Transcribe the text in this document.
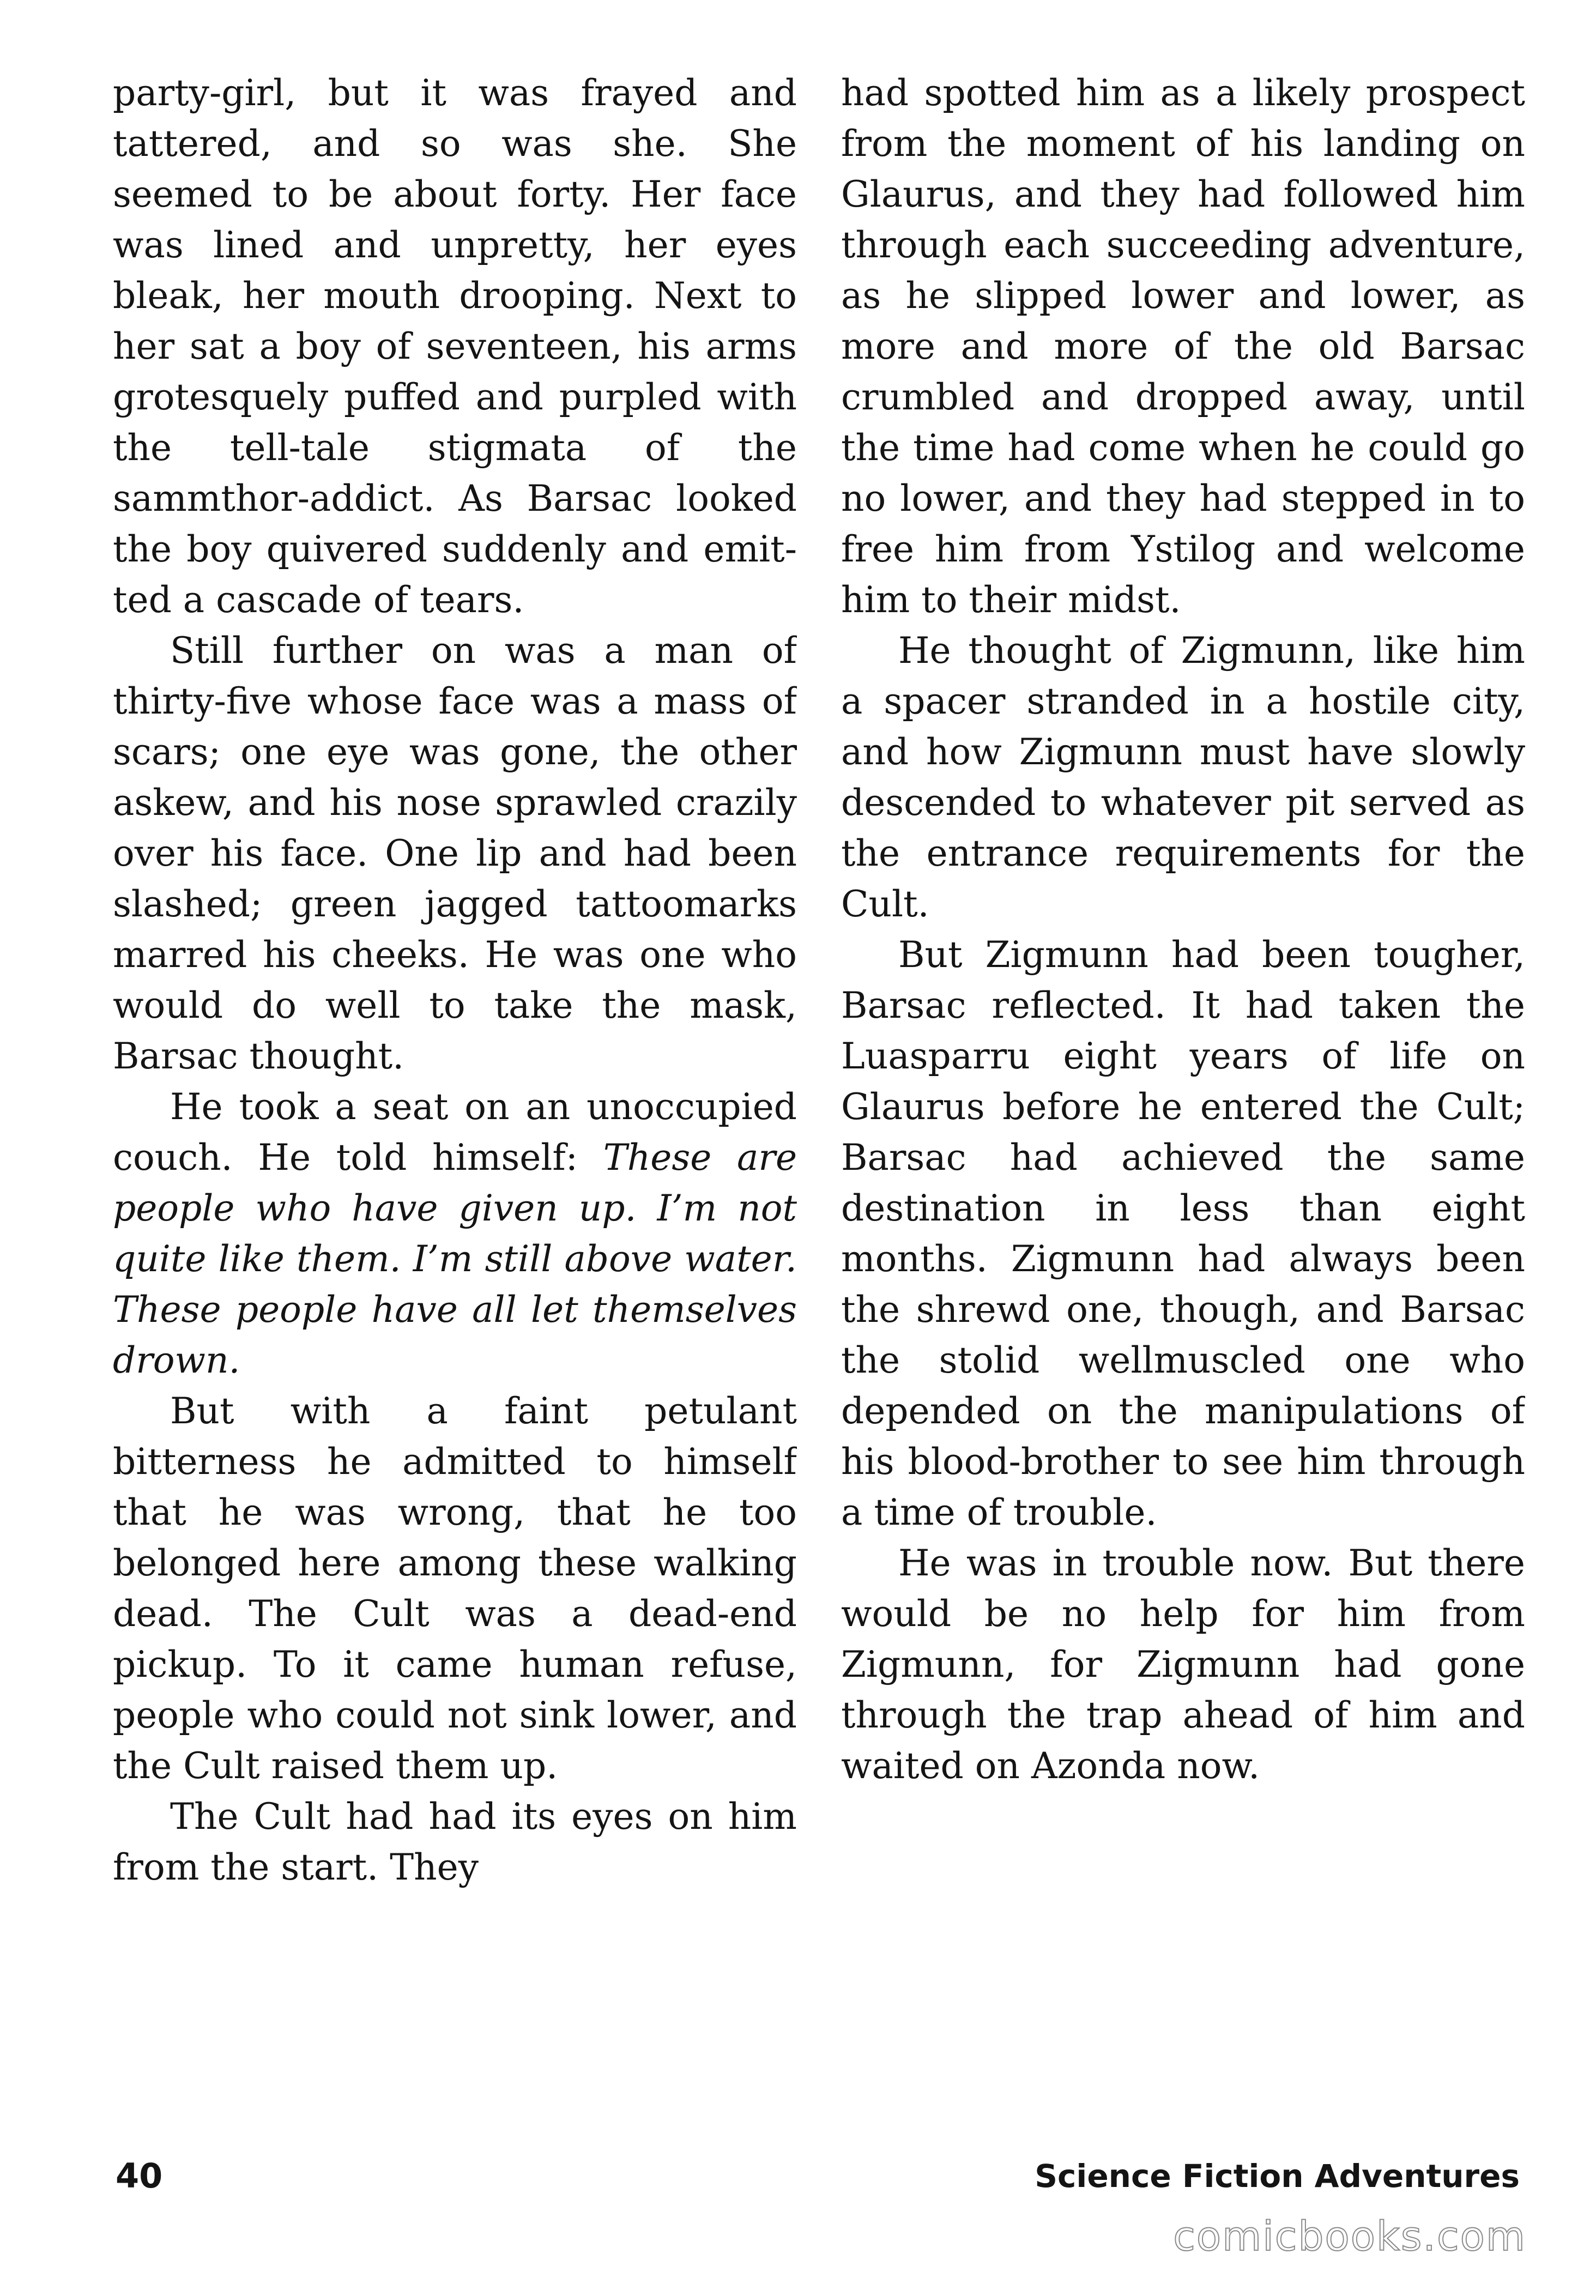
party-girl, but it was frayed and tattered, and so was she. She seemed to be about forty. Her face was lined and unpretty, her eyes bleak, her mouth drooping. Next to her sat a boy of seventeen, his arms grotesquely puffed and purpled with the tell-tale stigmata of the sammthor-addict. As Barsac looked the boy quivered suddenly and emitted a cascade of tears.

Still further on was a man of thirty-five whose face was a mass of scars; one eye was gone, the other askew, and his nose sprawled crazily over his face. One lip and had been slashed; green jagged tattoomarks marred his cheeks. He was one who would do well to take the mask, Barsac thought.

He took a seat on an unoccupied couch. He told himself: These are people who have given up. I’m not quite like them. I’m still above water. These people have all let themselves drown.

But with a faint petulant bitterness he admitted to himself that he was wrong, that he too belonged here among these walking dead. The Cult was a dead-end pickup. To it came human refuse, people who could not sink lower, and the Cult raised them up.

The Cult had had its eyes on him from the start. They

had spotted him as a likely prospect from the moment of his landing on Glaurus, and they had followed him through each succeeding adventure, as he slipped lower and lower, as more and more of the old Barsac crumbled and dropped away, until the time had come when he could go no lower, and they had stepped in to free him from Ystilog and welcome him to their midst.

He thought of Zigmunn, like him a spacer stranded in a hostile city, and how Zigmunn must have slowly descended to whatever pit served as the entrance requirements for the Cult.

But Zigmunn had been tougher, Barsac reflected. It had taken the Luasparru eight years of life on Glaurus before he entered the Cult; Barsac had achieved the same destination in less than eight months. Zigmunn had always been the shrewd one, though, and Barsac the stolid wellmuscled one who depended on the manipulations of his blood-brother to see him through a time of trouble.

He was in trouble now. But there would be no help for him from Zigmunn, for Zigmunn had gone through the trap ahead of him and waited on Azonda now.

40	Science Fiction Adventures
comicbooks.com
